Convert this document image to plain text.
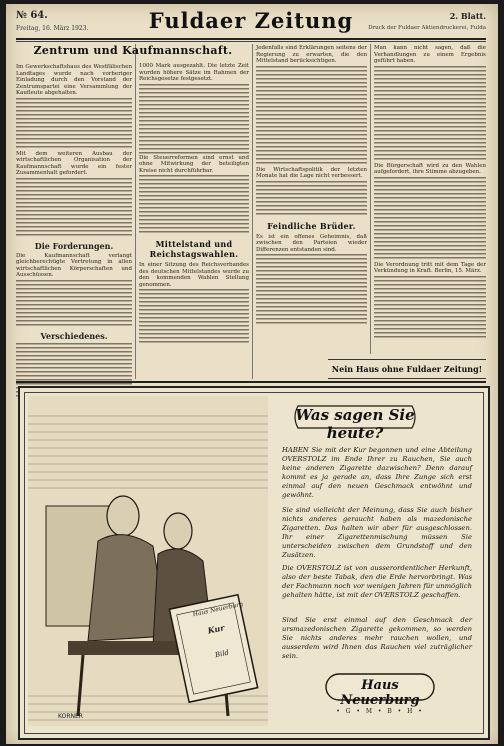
№ 64.
Freitag, 16. März 1923.	Fuldaer Zeitung	2. Blatt.
Druck der Fuldaer Aktiendruckerei, Fulda
Zentrum und Kaufmannschaft.
Im Gewerkschaftshaus des Westfälischen Landtages wurde nach vorheriger Einladung durch den Vorstand der Zentrumspartei eine Versammlung der Kaufleute abgehalten.
Mit dem weiteren Ausbau der wirtschaftlichen Organisation der Kaufmannschaft wurde ein fester Zusammenhalt gefordert.
Die Forderungen.
Die Kaufmannschaft verlangt gleichberechtigte Vertretung in allen wirtschaftlichen Körperschaften und Ausschüssen.
Verschiedenes.
1000 Mark ausgezahlt. Die letzte Zeit wurden höhere Sätze im Rahmen der Reichsgesetze festgesetzt.
Die Steuerreformen sind ernst und ohne Mitwirkung der beteiligten Kreise nicht durchführbar.
Mittelstand und Reichstagswahlen.
In einer Sitzung des Reichsverbandes des deutschen Mittelstandes wurde zu den kommenden Wahlen Stellung genommen.
Jedenfalls sind Erklärungen seitens der Regierung zu erwarten, die den Mittelstand berücksichtigen.
Die Wirtschaftspolitik der letzten Monate hat die Lage nicht verbessert.
Feindliche Brüder.
Es ist ein offenes Geheimnis, daß zwischen den Parteien wieder Differenzen entstanden sind.
Man kann nicht sagen, daß die Verhandlungen zu einem Ergebnis geführt haben.
Die Bürgerschaft wird zu den Wahlen aufgefordert, ihre Stimme abzugeben.
Die Verordnung tritt mit dem Tage der Verkündung in Kraft. Berlin, 15. März.
Nein Haus ohne Fuldaer Zeitung!
KORNER
Haus Neuerburg
Kur
Bild
Was sagen Sie heute?
HABEN Sie mit der Kur begonnen und eine Abteilung OVERSTOLZ im Ende Ihrer zu Rauchen, Sie auch keine anderen Zigarette dazwischen? Denn darauf kommt es ja gerade an, dass Ihre Zunge sich erst einmal auf den neuen Geschmack entwöhnt und gewöhnt.
Sie sind vielleicht der Meinung, dass Sie auch bisher nichts anderes geraucht haben als mazedonische Zigaretten. Das halten wir aber für ausgeschlossen. Ihr einer Zigarettenmischung müssen Sie unterscheiden zwischen dem Grundstoff und den Zusätzen.
Die OVERSTOLZ ist von ausserordentlicher Herkunft, also der beste Tabak, den die Erde hervorbringt. Was der Fachmann noch vor wenigen Jahren für unmöglich gehalten hätte, ist mit der OVERSTOLZ geschaffen.
Sind Sie erst einmal auf den Geschmack der ursmazedonischen Zigarette gekommen, so werden Sie nichts anderes mehr rauchen wollen, und ausserdem wird Ihnen das Rauchen viel zuträglicher sein.
Haus Neuerburg
• G • M • B • H •
